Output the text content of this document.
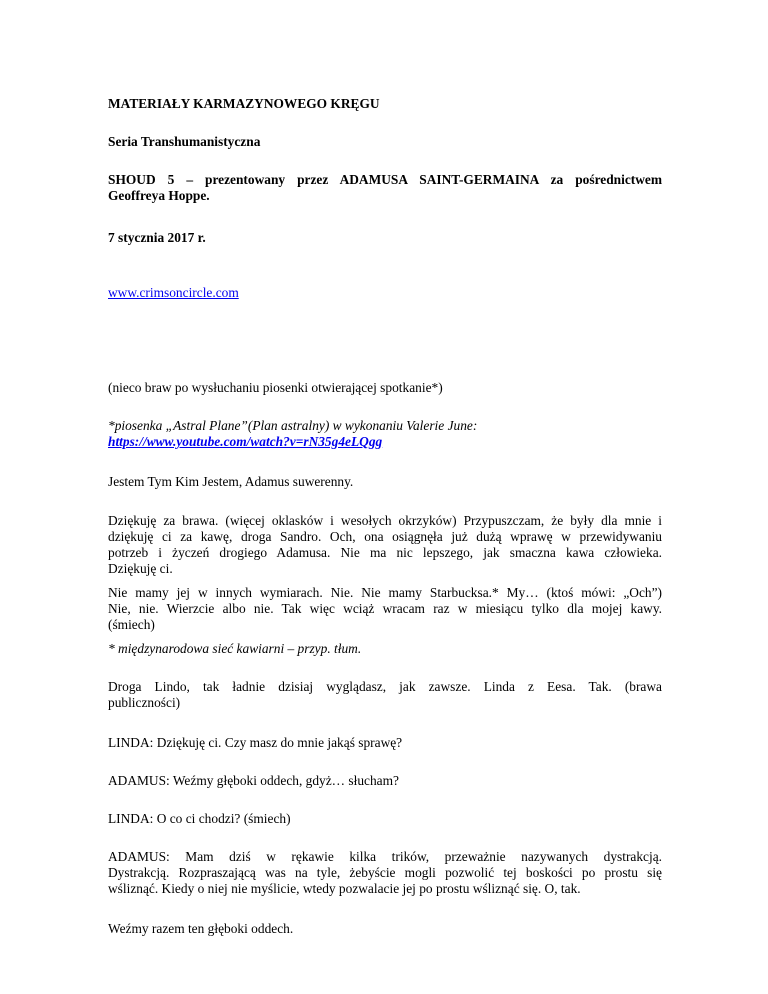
MATERIAŁY KARMAZYNOWEGO KRĘGU

Seria Transhumanistyczna

SHOUD 5 – prezentowany przez ADAMUSA SAINT-GERMAINA za pośrednictwem
Geoffreya Hoppe.

7 stycznia 2017 r.

www.crimsoncircle.com

(nieco braw po wysłuchaniu piosenki otwierającej spotkanie*)

*piosenka „Astral Plane”(Plan astralny) w wykonaniu Valerie June:
https://www.youtube.com/watch?v=rN35g4eLQgg

Jestem Tym Kim Jestem, Adamus suwerenny.

Dziękuję za brawa. (więcej oklasków i wesołych okrzyków) Przypuszczam, że były dla mnie i
dziękuję ci za kawę, droga Sandro. Och, ona osiągnęła już dużą wprawę w przewidywaniu
potrzeb i życzeń drogiego Adamusa. Nie ma nic lepszego, jak smaczna kawa człowieka.
Dziękuję ci.

Nie mamy jej w innych wymiarach. Nie. Nie mamy Starbucksa.* My… (ktoś mówi: „Och”)
Nie, nie. Wierzcie albo nie. Tak więc wciąż wracam raz w miesiącu tylko dla mojej kawy.
(śmiech)

* międzynarodowa sieć kawiarni – przyp. tłum.

Droga Lindo, tak ładnie dzisiaj wyglądasz, jak zawsze. Linda z Eesa. Tak. (brawa
publiczności)

LINDA: Dziękuję ci. Czy masz do mnie jakąś sprawę?

ADAMUS: Weźmy głęboki oddech, gdyż… słucham?

LINDA: O co ci chodzi? (śmiech)

ADAMUS: Mam dziś w rękawie kilka trików, przeważnie nazywanych dystrakcją.
Dystrakcją. Rozpraszającą was na tyle, żebyście mogli pozwolić tej boskości po prostu się
wśliznąć. Kiedy o niej nie myślicie, wtedy pozwalacie jej po prostu wśliznąć się. O, tak.

Weźmy razem ten głęboki oddech.
